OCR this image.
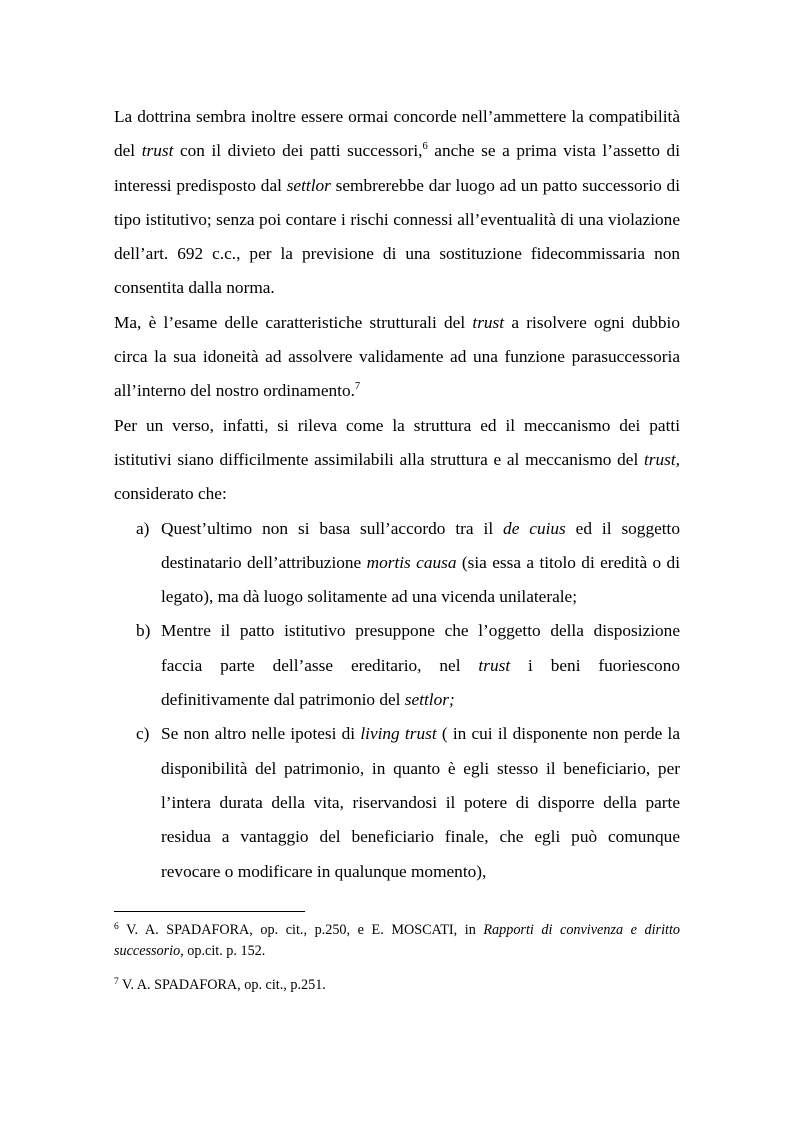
La dottrina sembra inoltre essere ormai concorde nell’ammettere la compatibilità del trust con il divieto dei patti successori,$^6$ anche se a prima vista l’assetto di interessi predisposto dal settlor sembrerebbe dar luogo ad un patto successorio di tipo istitutivo; senza poi contare i rischi connessi all’eventualità di una violazione dell’art. 692 c.c., per la previsione di una sostituzione fidecommissaria non consentita dalla norma.

Ma, è l’esame delle caratteristiche strutturali del trust a risolvere ogni dubbio circa la sua idoneità ad assolvere validamente ad una funzione parasuccessoria all’interno del nostro ordinamento.$^7$

Per un verso, infatti, si rileva come la struttura ed il meccanismo dei patti istitutivi siano difficilmente assimilabili alla struttura e al meccanismo del trust, considerato che:

a) Quest’ultimo non si basa sull’accordo tra il de cuius ed il soggetto destinatario dell’attribuzione mortis causa (sia essa a titolo di eredità o di legato), ma dà luogo solitamente ad una vicenda unilaterale;
b) Mentre il patto istitutivo presuppone che l’oggetto della disposizione faccia parte dell’asse ereditario, nel trust i beni fuoriescono definitivamente dal patrimonio del settlor;
c) Se non altro nelle ipotesi di living trust ( in cui il disponente non perde la disponibilità del patrimonio, in quanto è egli stesso il beneficiario, per l’intera durata della vita, riservandosi il potere di disporre della parte residua a vantaggio del beneficiario finale, che egli può comunque revocare o modificare in qualunque momento),

$^6$ V. A. SPADAFORA, op. cit., p.250, e E. MOSCATI, in Rapporti di convivenza e diritto successorio, op.cit. p. 152.

$^7$ V. A. SPADAFORA, op. cit., p.251.
